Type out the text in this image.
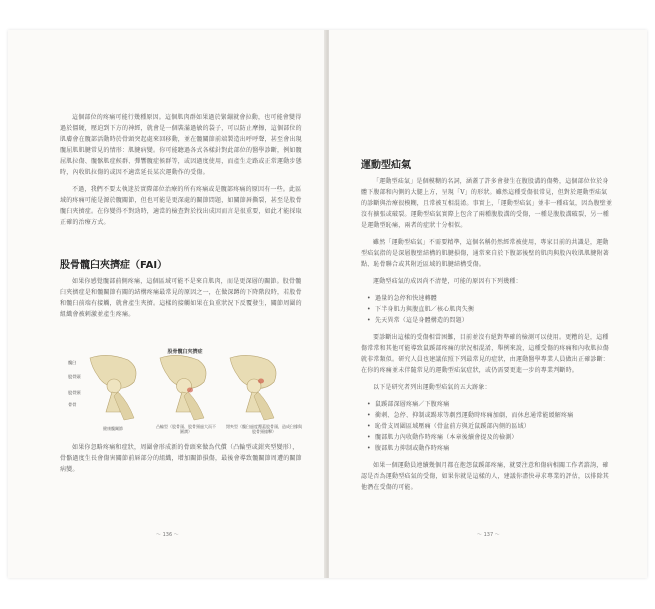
這個部位的疼痛可能行幾種原因。這個肌肉群如果過於緊繃就會拉動，也可能會變得過於僵硬，壓迫到下方的神經，就會是一個裝滿過敏的袋子，可以防止摩擦，這個部位的肌膚會在髖部活動時於骨頭突起處來回移動，並在髖關節前端製造出呼呼聲，甚至會出現髖屈肌肌腱常見的情形：肌腱病變。你可能聽過各式各樣針對此部位的醫學診斷，例如髖屈肌拉傷、髖髂肌症候群、彈響髖症候群等，或因過度使用，而產生走路或正常運動步態時，內收肌拉傷的或因不適當延長某次運動作的受傷。

不過，我們不要太執迷於實際部位治療的所有疼痛或是髖部疼痛的原因有一些。此區域的疼痛可能是源於髖關節，但也可能是更深處的關節問題，如關節唇撕裂，甚至是股骨髖臼夾擠症。在你變得不對勁時，適當的檢查對於找出成因而言是很重要，如此才能採取正確的治療方式。

股骨髖臼夾擠症（FAI）

如果你感覺髖部前側疼痛，這個區域可能不是來自肌肉，而是更深層的關節。股骨髖臼夾擠症是和髖關節有關的結構疼痛最常見的原因之一，在做深蹲的下降階段時，若股骨和髖臼前端有接觸，就會產生夾擠。這樣的接觸如果在負重狀況下反覆發生，關節周圍的組織會被刺激並產生疼痛。

股骨髖臼夾擠症
髖臼
股骨頭
股骨頸
骨骨
健康髖關節	凸輪型（股骨頭、股骨頸過大而不圓潤）
鉗夾型（髖臼過度覆蓋股骨頭，造成臼緣與股骨頸撞擊）

如果你忽略疼痛和症狀，周圍會形成新的骨頭來做為代償（凸輪型或鉗夾型變形），骨骼過度生長會傷害關節前唇部分的組織，增加關節損傷，最後會導致髖關節周遭的關節病變。

～ 136 ～
運動型疝氣

「運動型疝氣」是個模糊的名詞，涵蓋了許多會發生在腹股溝的傷勢，這個部位位於身體下腹部和內側的大腿上方，呈現「V」的形狀。雖然這種受傷很常見，但對於運動型疝氣的診斷與治療很模糊，且常被互相混淆。事實上，「運動型疝氣」並非一種疝氣，因為腹壁並沒有擴張或破裂。運動型疝氣實際上包含了兩種腹股溝的受傷，一種是腹股溝破裂，另一種是運動型恥痛，兩者的症狀十分相似。

雖然「運動型疝氣」不需要精準，這個名稱仍然經常被使用，專家目前的共識是，運動型疝氣指的是深層腹壁結構的肌腱損傷，通常來自於下腹部後壁的肌肉與股內收肌肌腱附著點、恥骨聯合或其附近區域的肌腱結構受傷。

運動型疝氣的成因尚不清楚，可能的原因有下列幾種：

• 過量的急停和快速轉體
• 下半身肌力與腹直肌／核心肌肉失衡
• 先天異常（這是身體構造的問題）

要診斷出這樣的受傷相當困難，目前並沒有絕對準確的檢測可以使用。更糟的是，這種傷常常和其他可能導致鼠蹊部疼痛的狀況相混淆，舉例來說，這種受傷的疼痛和內收肌拉傷就非常類似。研究人員也建議依照下列最常見的症狀，由運動醫學專業人員做出正確診斷：在你的疼痛並未伴隨常見的運動型疝氣症狀，或仍需要更進一步的專業判斷時。

以下是研究者列出運動型疝氣的五大跡象：

• 鼠蹊部深層疼痛／下腹疼痛
• 衝刺、急停、抑制或踢球等劇烈運動時疼痛加劇，而休息通常能緩解疼痛
• 恥骨支周圍區域壓痛（骨盆前方與近鼠蹊部內側的區域）
• 髖部肌力內收動作時疼痛（本章後續會提及的檢測）
• 腹部肌力抑制或動作時疼痛

如果一個運動員連續幾個月都在抱怨鼠蹊部疼痛，就要注意和傷病相關工作者諮詢，確認是否為運動型疝氣的受傷，如果你就是這樣的人，建議你盡快尋求專業的評估，以排除其他潛在受傷的可能。

～ 137 ～
